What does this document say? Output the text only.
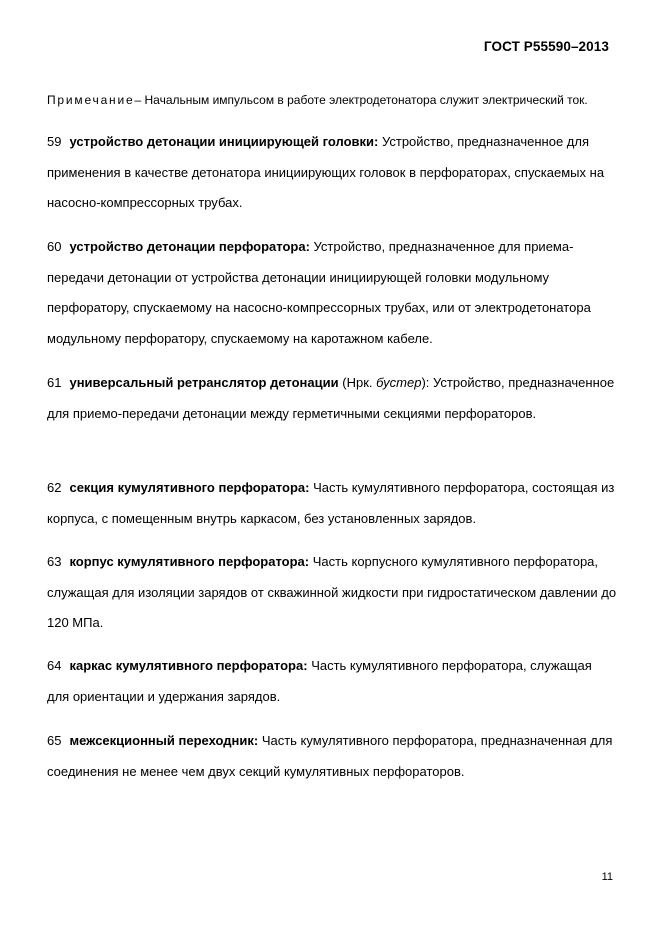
ГОСТ Р55590–2013
Примечание– Начальным импульсом в работе электродетонатора служит электрический ток.
59 устройство детонации инициирующей головки: Устройство, предназначенное для применения в качестве детонатора инициирующих головок в перфораторах, спускаемых на насосно-компрессорных трубах.
60 устройство детонации перфоратора: Устройство, предназначенное для приема-передачи детонации от устройства детонации инициирующей головки модульному перфоратору, спускаемому на насосно-компрессорных трубах, или от электродетонатора модульному перфоратору, спускаемому на каротажном кабеле.
61 универсальный ретранслятор детонации (Нрк. бустер): Устройство, предназначенное для приемо-передачи детонации между герметичными секциями перфораторов.
62 секция кумулятивного перфоратора: Часть кумулятивного перфоратора, состоящая из корпуса, с помещенным внутрь каркасом, без установленных зарядов.
63 корпус кумулятивного перфоратора: Часть корпусного кумулятивного перфоратора, служащая для изоляции зарядов от скважинной жидкости при гидростатическом давлении до 120 МПа.
64 каркас кумулятивного перфоратора: Часть кумулятивного перфоратора, служащая для ориентации и удержания зарядов.
65 межсекционный переходник: Часть кумулятивного перфоратора, предназначенная для соединения не менее чем двух секций кумулятивных перфораторов.
11
